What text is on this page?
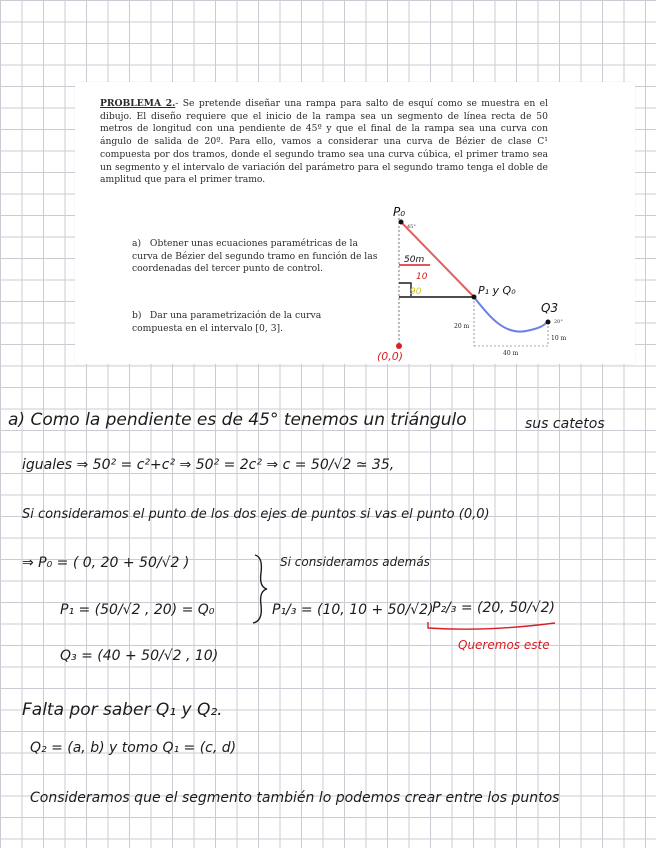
PROBLEMA 2.- Se pretende diseñar una rampa para salto de esquí como se muestra en el dibujo. El diseño requiere que el inicio de la rampa sea un segmento de línea recta de 50 metros de longitud con una pendiente de 45º y que el final de la rampa sea una curva con ángulo de salida de 20º. Para ello, vamos a considerar una curva de Bézier de clase C¹ compuesta por dos tramos, donde el segundo tramo sea una curva cúbica, el primer tramo sea un segmento y el intervalo de variación del parámetro para el segundo tramo tenga el doble de amplitud que para el primer tramo.

a) Obtener unas ecuaciones paramétricas de la curva de Bézier del segundo tramo en función de las coordenadas del tercer punto de control.

b) Dar una parametrización de la curva compuesta en el intervalo [0, 3].

45°
20°
20 m
10 m
40 m
P₀
50m
10
90	P₁ y Q₀
Q3
(0,0)

a) Como la pendiente es de 45° tenemos un triángulo	sus catetos

iguales ⇒ 50² = c²+c² ⇒ 50² = 2c² ⇒ c = 50/√2 ≃ 35,

Si consideramos el punto de los dos ejes de puntos si vas el punto (0,0)

⇒ P₀ = ( 0, 20 + 50/√2 )	Si consideramos además

P₁ = (50/√2 , 20) = Q₀	P₁/₃ = (10, 10 + 50/√2)

P₂/₃ = (20, 50/√2)

Queremos este

Q₃ = (40 + 50/√2 , 10)

Falta por saber Q₁ y Q₂.

Q₂ = (a, b) y tomo Q₁ = (c, d)

Consideramos que el segmento también lo podemos crear entre los puntos
